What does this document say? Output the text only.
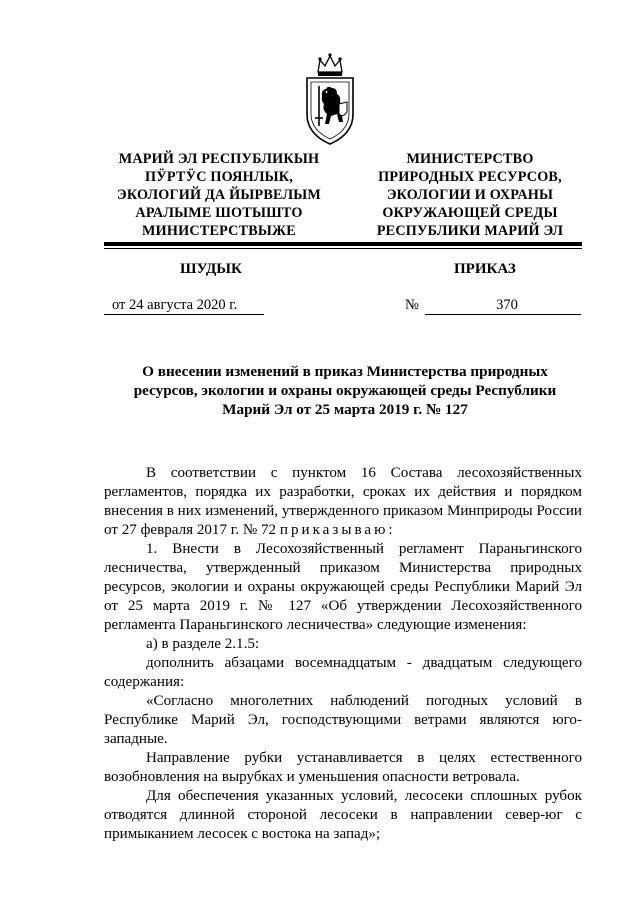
МАРИЙ ЭЛ РЕСПУБЛИКЫН
ПӰРТӰС ПОЯНЛЫК,
ЭКОЛОГИЙ ДА ЙЫРВЕЛЫМ
АРАЛЫМЕ ШОТЫШТО
МИНИСТЕРСТВЫЖЕ
МИНИСТЕРСТВО
ПРИРОДНЫХ РЕСУРСОВ,
ЭКОЛОГИИ И ОХРАНЫ
ОКРУЖАЮЩЕЙ СРЕДЫ
РЕСПУБЛИКИ МАРИЙ ЭЛ
ШУДЫК	ПРИКАЗ
от 24 августа 2020 г.	№	370
О внесении изменений в приказ Министерства природных
ресурсов, экологии и охраны окружающей среды Республики
Марий Эл от 25 марта 2019 г. № 127

В соответствии с пунктом 16 Состава лесохозяйственных регламентов, порядка их разработки, сроках их действия и порядком внесения в них изменений, утвержденного приказом Минприроды России от 27 февраля 2017 г. № 72 приказываю:

1. Внести в Лесохозяйственный регламент Параньгинского лесничества, утвержденный приказом Министерства природных ресурсов, экологии и охраны окружающей среды Республики Марий Эл от 25 марта 2019 г. № 127 «Об утверждении Лесохозяйственного регламента Параньгинского лесничества» следующие изменения:

а) в разделе 2.1.5:

дополнить абзацами восемнадцатым - двадцатым следующего содержания:

«Согласно многолетних наблюдений погодных условий в Республике Марий Эл, господствующими ветрами являются юго-западные.

Направление рубки устанавливается в целях естественного возобновления на вырубках и уменьшения опасности ветровала.

Для обеспечения указанных условий, лесосеки сплошных рубок отводятся длинной стороной лесосеки в направлении север-юг с примыканием лесосек с востока на запад»;
